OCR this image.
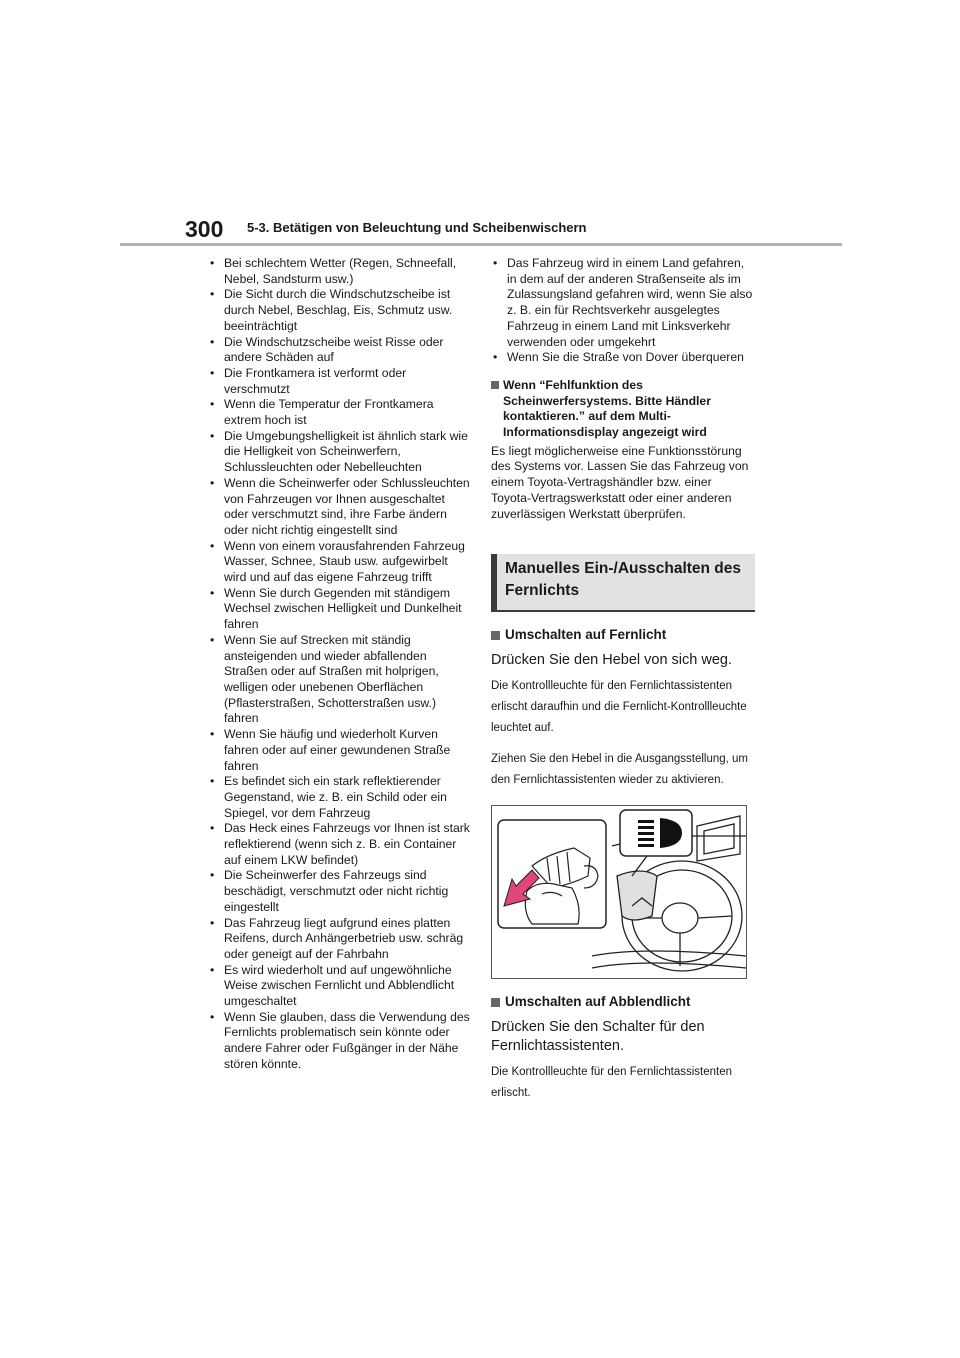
300 5-3. Betätigen von Beleuchtung und Scheibenwischern
• Bei schlechtem Wetter (Regen, Schneefall, Nebel, Sandsturm usw.)
• Die Sicht durch die Windschutzscheibe ist durch Nebel, Beschlag, Eis, Schmutz usw. beeinträchtigt
• Die Windschutzscheibe weist Risse oder andere Schäden auf
• Die Frontkamera ist verformt oder verschmutzt
• Wenn die Temperatur der Frontkamera extrem hoch ist
• Die Umgebungshelligkeit ist ähnlich stark wie die Helligkeit von Scheinwerfern, Schlussleuchten oder Nebelleuchten
• Wenn die Scheinwerfer oder Schlussleuchten von Fahrzeugen vor Ihnen ausgeschaltet oder verschmutzt sind, ihre Farbe ändern oder nicht richtig eingestellt sind
• Wenn von einem vorausfahrenden Fahrzeug Wasser, Schnee, Staub usw. aufgewirbelt wird und auf das eigene Fahrzeug trifft
• Wenn Sie durch Gegenden mit ständigem Wechsel zwischen Helligkeit und Dunkelheit fahren
• Wenn Sie auf Strecken mit ständig ansteigenden und wieder abfallenden Straßen oder auf Straßen mit holprigen, welligen oder unebenen Oberflächen (Pflasterstraßen, Schotterstraßen usw.) fahren
• Wenn Sie häufig und wiederholt Kurven fahren oder auf einer gewundenen Straße fahren
• Es befindet sich ein stark reflektierender Gegenstand, wie z. B. ein Schild oder ein Spiegel, vor dem Fahrzeug
• Das Heck eines Fahrzeugs vor Ihnen ist stark reflektierend (wenn sich z. B. ein Container auf einem LKW befindet)
• Die Scheinwerfer des Fahrzeugs sind beschädigt, verschmutzt oder nicht richtig eingestellt
• Das Fahrzeug liegt aufgrund eines platten Reifens, durch Anhängerbetrieb usw. schräg oder geneigt auf der Fahrbahn
• Es wird wiederholt und auf ungewöhnliche Weise zwischen Fernlicht und Abblendlicht umgeschaltet
• Wenn Sie glauben, dass die Verwendung des Fernlichts problematisch sein könnte oder andere Fahrer oder Fußgänger in der Nähe stören könnte.
• Das Fahrzeug wird in einem Land gefahren, in dem auf der anderen Straßenseite als im Zulassungsland gefahren wird, wenn Sie also z. B. ein für Rechtsverkehr ausgelegtes Fahrzeug in einem Land mit Linksverkehr verwenden oder umgekehrt
• Wenn Sie die Straße von Dover überqueren
Wenn “Fehlfunktion des Scheinwerfersystems. Bitte Händler kontaktieren.” auf dem Multi-Informationsdisplay angezeigt wird
Es liegt möglicherweise eine Funktionsstörung des Systems vor. Lassen Sie das Fahrzeug von einem Toyota-Vertragshändler bzw. einer Toyota-Vertragswerkstatt oder einer anderen zuverlässigen Werkstatt überprüfen.
Manuelles Ein-/Ausschalten des Fernlichts
Umschalten auf Fernlicht
Drücken Sie den Hebel von sich weg.
Die Kontrollleuchte für den Fernlichtassistenten erlischt daraufhin und die Fernlicht-Kontrollleuchte leuchtet auf.
Ziehen Sie den Hebel in die Ausgangsstellung, um den Fernlichtassistenten wieder zu aktivieren.
Umschalten auf Abblendlicht
Drücken Sie den Schalter für den Fernlichtassistenten.
Die Kontrollleuchte für den Fernlichtassistenten erlischt.
